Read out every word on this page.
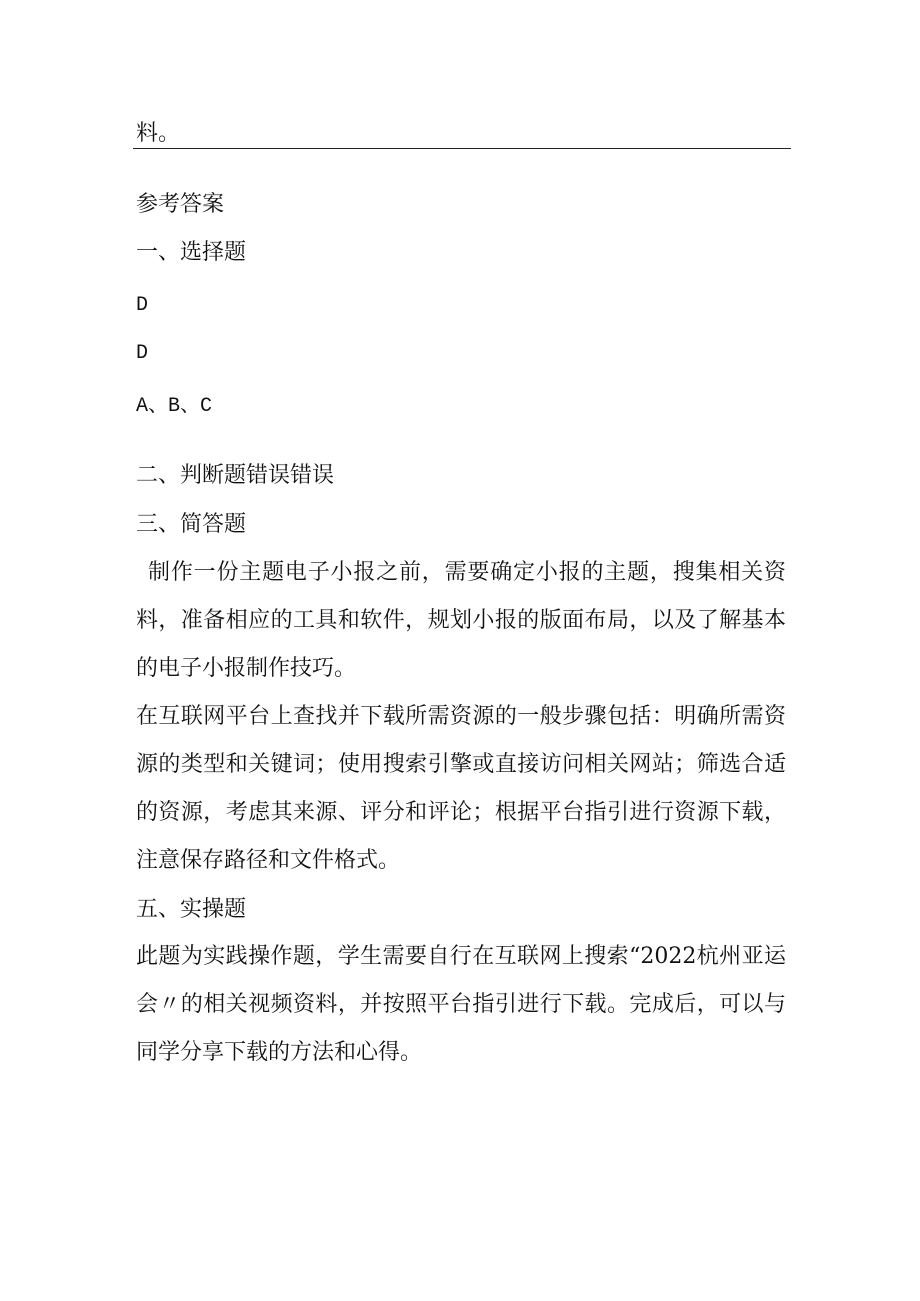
料。

参考答案

一、选择题

D

D

A、B、C

二、判断题错误错误

三、简答题

制作一份主题电子小报之前，需要确定小报的主题，搜集相关资料，准备相应的工具和软件，规划小报的版面布局，以及了解基本的电子小报制作技巧。

在互联网平台上查找并下载所需资源的一般步骤包括：明确所需资源的类型和关键词；使用搜索引擎或直接访问相关网站；筛选合适的资源，考虑其来源、评分和评论；根据平台指引进行资源下载，注意保存路径和文件格式。

五、实操题

此题为实践操作题，学生需要自行在互联网上搜索“2022杭州亚运会〃的相关视频资料，并按照平台指引进行下载。完成后，可以与同学分享下载的方法和心得。
